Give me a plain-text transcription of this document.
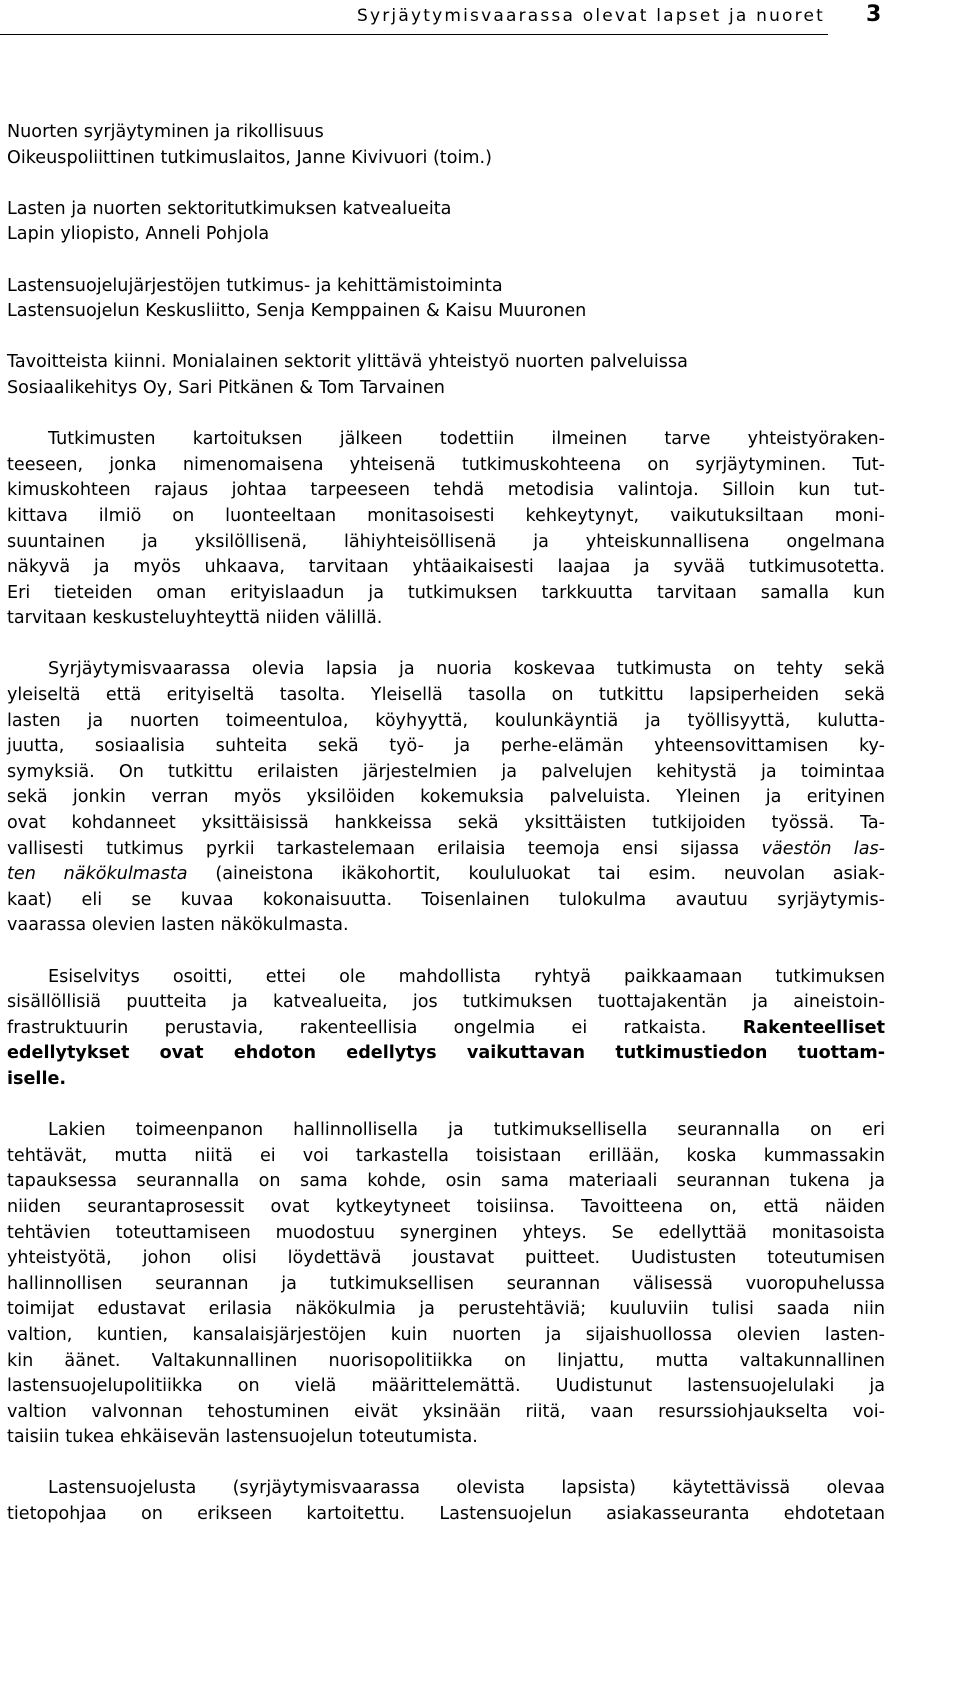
Syrjäytymisvaarassa olevat lapset ja nuoret 3
Nuorten syrjäytyminen ja rikollisuus
Oikeuspoliittinen tutkimuslaitos, Janne Kivivuori (toim.)
Lasten ja nuorten sektoritutkimuksen katvealueita
Lapin yliopisto, Anneli Pohjola
Lastensuojelujärjestöjen tutkimus- ja kehittämistoiminta
Lastensuojelun Keskusliitto, Senja Kemppainen & Kaisu Muuronen
Tavoitteista kiinni. Monialainen sektorit ylittävä yhteistyö nuorten palveluissa
Sosiaalikehitys Oy, Sari Pitkänen & Tom Tarvainen
Tutkimusten kartoituksen jälkeen todettiin ilmeinen tarve yhteistyöraken-
teeseen, jonka nimenomaisena yhteisenä tutkimuskohteena on syrjäytyminen. Tut-
kimuskohteen rajaus johtaa tarpeeseen tehdä metodisia valintoja. Silloin kun tut-
kittava ilmiö on luonteeltaan monitasoisesti kehkeytynyt, vaikutuksiltaan moni-
suuntainen ja yksilöllisenä, lähiyhteisöllisenä ja yhteiskunnallisena ongelmana
näkyvä ja myös uhkaava, tarvitaan yhtäaikaisesti laajaa ja syvää tutkimusotetta.
Eri tieteiden oman erityislaadun ja tutkimuksen tarkkuutta tarvitaan samalla kun
tarvitaan keskusteluyhteyttä niiden välillä.
Syrjäytymisvaarassa olevia lapsia ja nuoria koskevaa tutkimusta on tehty sekä
yleiseltä että erityiseltä tasolta. Yleisellä tasolla on tutkittu lapsiperheiden sekä
lasten ja nuorten toimeentuloa, köyhyyttä, koulunkäyntiä ja työllisyyttä, kulutta-
juutta, sosiaalisia suhteita sekä työ- ja perhe-elämän yhteensovittamisen ky-
symyksiä. On tutkittu erilaisten järjestelmien ja palvelujen kehitystä ja toimintaa
sekä jonkin verran myös yksilöiden kokemuksia palveluista. Yleinen ja erityinen
ovat kohdanneet yksittäisissä hankkeissa sekä yksittäisten tutkijoiden työssä. Ta-
vallisesti tutkimus pyrkii tarkastelemaan erilaisia teemoja ensi sijassa väestön las-
ten näkökulmasta (aineistona ikäkohortit, koululuokat tai esim. neuvolan asiak-
kaat) eli se kuvaa kokonaisuutta. Toisenlainen tulokulma avautuu syrjäytymis-
vaarassa olevien lasten näkökulmasta.
Esiselvitys osoitti, ettei ole mahdollista ryhtyä paikkaamaan tutkimuksen
sisällöllisiä puutteita ja katvealueita, jos tutkimuksen tuottajakentän ja aineistoin-
frastruktuurin perustavia, rakenteellisia ongelmia ei ratkaista. Rakenteelliset
edellytykset ovat ehdoton edellytys vaikuttavan tutkimustiedon tuottam-
iselle.
Lakien toimeenpanon hallinnollisella ja tutkimuksellisella seurannalla on eri
tehtävät, mutta niitä ei voi tarkastella toisistaan erillään, koska kummassakin
tapauksessa seurannalla on sama kohde, osin sama materiaali seurannan tukena ja
niiden seurantaprosessit ovat kytkeytyneet toisiinsa. Tavoitteena on, että näiden
tehtävien toteuttamiseen muodostuu synerginen yhteys. Se edellyttää monitasoista
yhteistyötä, johon olisi löydettävä joustavat puitteet. Uudistusten toteutumisen
hallinnollisen seurannan ja tutkimuksellisen seurannan välisessä vuoropuhelussa
toimijat edustavat erilasia näkökulmia ja perustehtäviä; kuuluviin tulisi saada niin
valtion, kuntien, kansalaisjärjestöjen kuin nuorten ja sijaishuollossa olevien lasten-
kin äänet. Valtakunnallinen nuorisopolitiikka on linjattu, mutta valtakunnallinen
lastensuojelupolitiikka on vielä määrittelemättä. Uudistunut lastensuojelulaki ja
valtion valvonnan tehostuminen eivät yksinään riitä, vaan resurssiohjaukselta voi-
taisiin tukea ehkäisevän lastensuojelun toteutumista.
Lastensuojelusta (syrjäytymisvaarassa olevista lapsista) käytettävissä olevaa
tietopohjaa on erikseen kartoitettu. Lastensuojelun asiakasseuranta ehdotetaan
